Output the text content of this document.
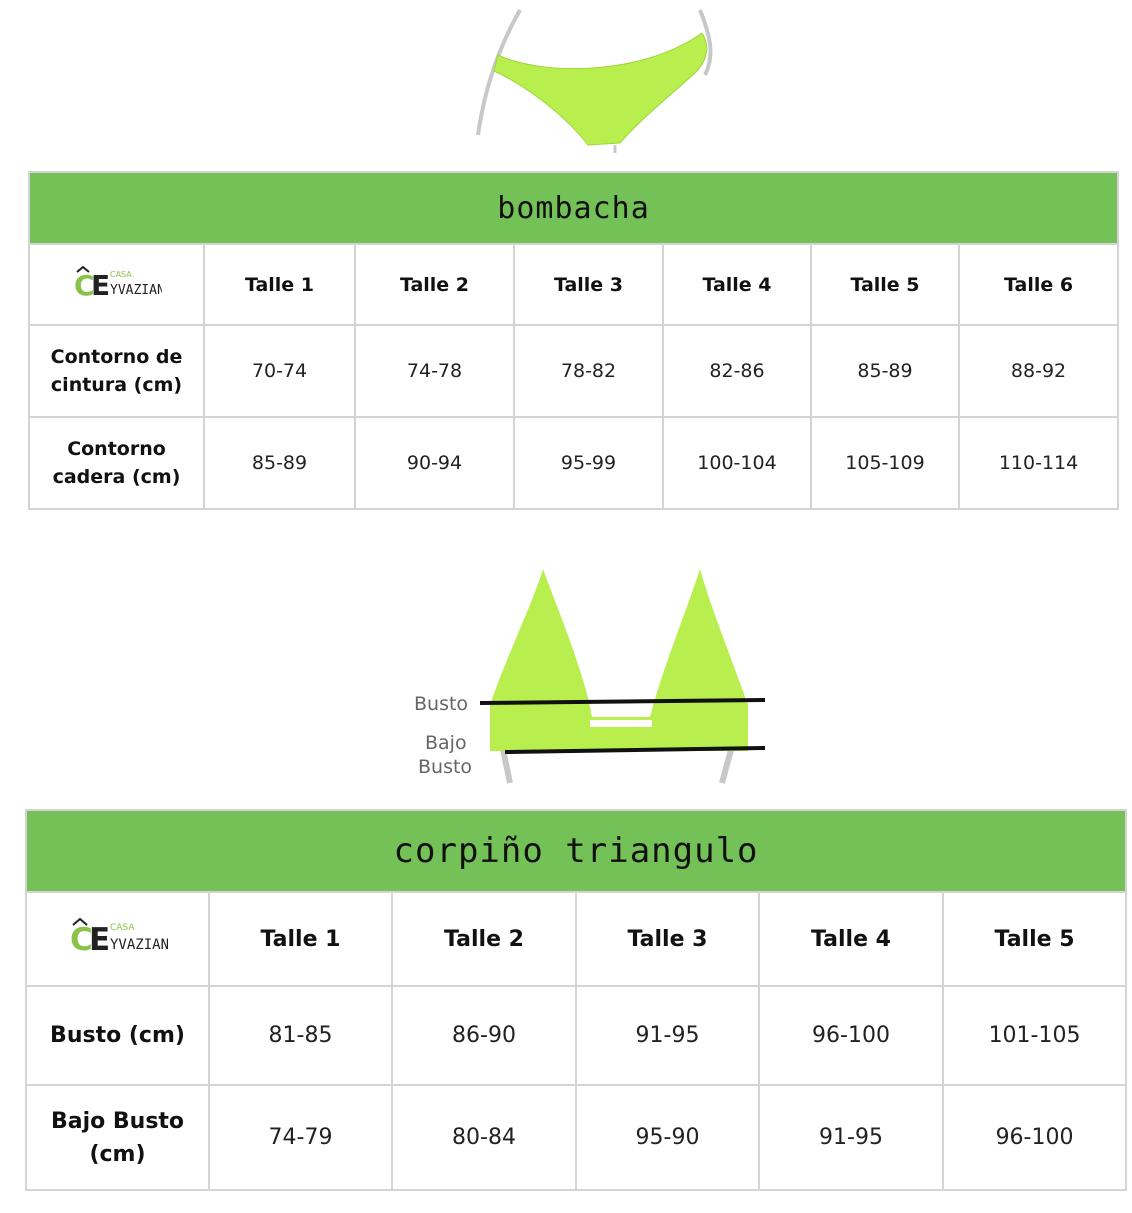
bombacha						

C
E CASA
YVAZIAN	Talle 1	Talle 2	Talle 3	Talle 4	Talle 5	Talle 6
Contorno de
cintura (cm)	70-74	74-78	78-82	82-86	85-89	88-92
Contorno
cadera (cm)	85-89	90-94	95-99	100-104	105-109	110-114
Busto
Bajo
Busto
corpiño triangulo					

C
E CASA
YVAZIAN	Talle 1	Talle 2	Talle 3	Talle 4	Talle 5
Busto (cm)	81-85	86-90	91-95	96-100	101-105
Bajo Busto
(cm)	74-79	80-84	95-90	91-95	96-100
